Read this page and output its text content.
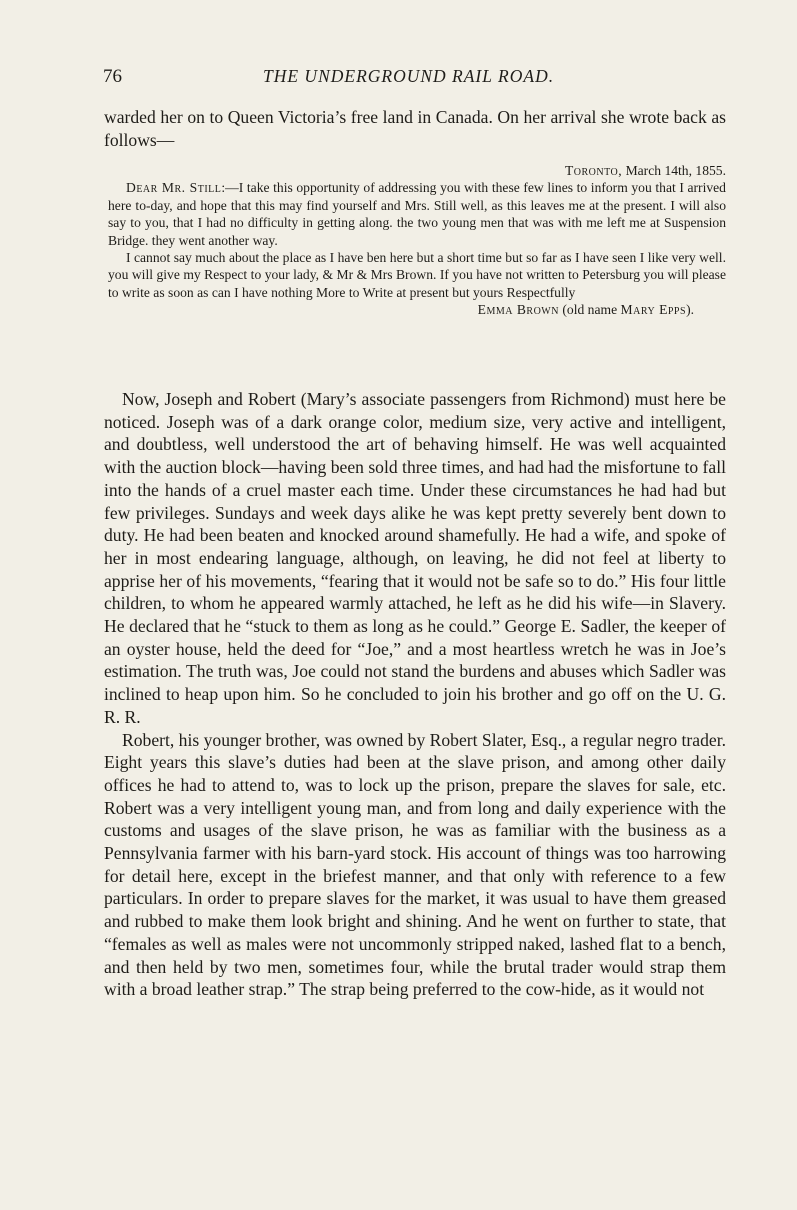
76	THE UNDERGROUND RAIL ROAD.

warded her on to Queen Victoria’s free land in Canada. On her arrival she wrote back as follows—

Toronto, March 14th, 1855.

Dear Mr. Still:—I take this opportunity of addressing you with these few lines to inform you that I arrived here to-day, and hope that this may find yourself and Mrs. Still well, as this leaves me at the present. I will also say to you, that I had no difficulty in getting along. the two young men that was with me left me at Suspension Bridge. they went another way.

I cannot say much about the place as I have ben here but a short time but so far as I have seen I like very well. you will give my Respect to your lady, & Mr & Mrs Brown. If you have not written to Petersburg you will please to write as soon as can I have nothing More to Write at present but yours Respectfully

Emma Brown (old name Mary Epps).

Now, Joseph and Robert (Mary’s associate passengers from Richmond) must here be noticed. Joseph was of a dark orange color, medium size, very active and intelligent, and doubtless, well understood the art of behaving himself. He was well acquainted with the auction block—having been sold three times, and had had the misfortune to fall into the hands of a cruel master each time. Under these circumstances he had had but few privileges. Sundays and week days alike he was kept pretty severely bent down to duty. He had been beaten and knocked around shamefully. He had a wife, and spoke of her in most endearing language, although, on leaving, he did not feel at liberty to apprise her of his movements, “fearing that it would not be safe so to do.” His four little children, to whom he appeared warmly attached, he left as he did his wife—in Slavery. He declared that he “stuck to them as long as he could.” George E. Sadler, the keeper of an oyster house, held the deed for “Joe,” and a most heartless wretch he was in Joe’s estimation. The truth was, Joe could not stand the burdens and abuses which Sadler was inclined to heap upon him. So he concluded to join his brother and go off on the U. G. R. R.

Robert, his younger brother, was owned by Robert Slater, Esq., a regular negro trader. Eight years this slave’s duties had been at the slave prison, and among other daily offices he had to attend to, was to lock up the prison, prepare the slaves for sale, etc. Robert was a very intelligent young man, and from long and daily experience with the customs and usages of the slave prison, he was as familiar with the business as a Pennsylvania farmer with his barn-yard stock. His account of things was too harrowing for detail here, except in the briefest manner, and that only with reference to a few particulars. In order to prepare slaves for the market, it was usual to have them greased and rubbed to make them look bright and shining. And he went on further to state, that “females as well as males were not uncommonly stripped naked, lashed flat to a bench, and then held by two men, sometimes four, while the brutal trader would strap them with a broad leather strap.” The strap being preferred to the cow-hide, as it would not
